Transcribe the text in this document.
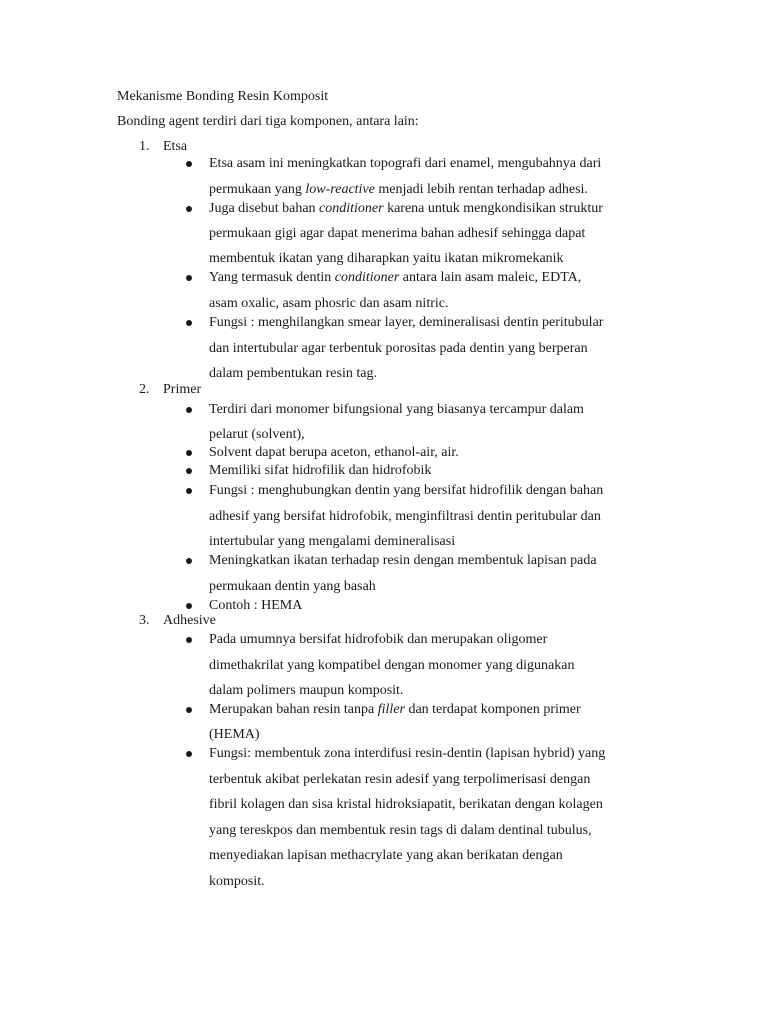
Mekanisme Bonding Resin Komposit
Bonding agent terdiri dari tiga komponen, antara lain:
1. Etsa
Etsa asam ini meningkatkan topografi dari enamel, mengubahnya dari
permukaan yang low-reactive menjadi lebih rentan terhadap adhesi.
Juga disebut bahan conditioner karena untuk mengkondisikan struktur
permukaan gigi agar dapat menerima bahan adhesif sehingga dapat
membentuk ikatan yang diharapkan yaitu ikatan mikromekanik
Yang termasuk dentin conditioner antara lain asam maleic, EDTA,
asam oxalic, asam phosric dan asam nitric.
Fungsi : menghilangkan smear layer, demineralisasi dentin peritubular
dan intertubular agar terbentuk porositas pada dentin yang berperan
dalam pembentukan resin tag.
2. Primer
Terdiri dari monomer bifungsional yang biasanya tercampur dalam
pelarut (solvent),
Solvent dapat berupa aceton, ethanol-air, air.
Memiliki sifat hidrofilik dan hidrofobik
Fungsi : menghubungkan dentin yang bersifat hidrofilik dengan bahan
adhesif yang bersifat hidrofobik, menginfiltrasi dentin peritubular dan
intertubular yang mengalami demineralisasi
Meningkatkan ikatan terhadap resin dengan membentuk lapisan pada
permukaan dentin yang basah
Contoh : HEMA
3. Adhesive
Pada umumnya bersifat hidrofobik dan merupakan oligomer
dimethakrilat yang kompatibel dengan monomer yang digunakan
dalam polimers maupun komposit.
Merupakan bahan resin tanpa filler dan terdapat komponen primer
(HEMA)
Fungsi: membentuk zona interdifusi resin-dentin (lapisan hybrid) yang
terbentuk akibat perlekatan resin adesif yang terpolimerisasi dengan
fibril kolagen dan sisa kristal hidroksiapatit, berikatan dengan kolagen
yang tereskpos dan membentuk resin tags di dalam dentinal tubulus,
menyediakan lapisan methacrylate yang akan berikatan dengan
komposit.
